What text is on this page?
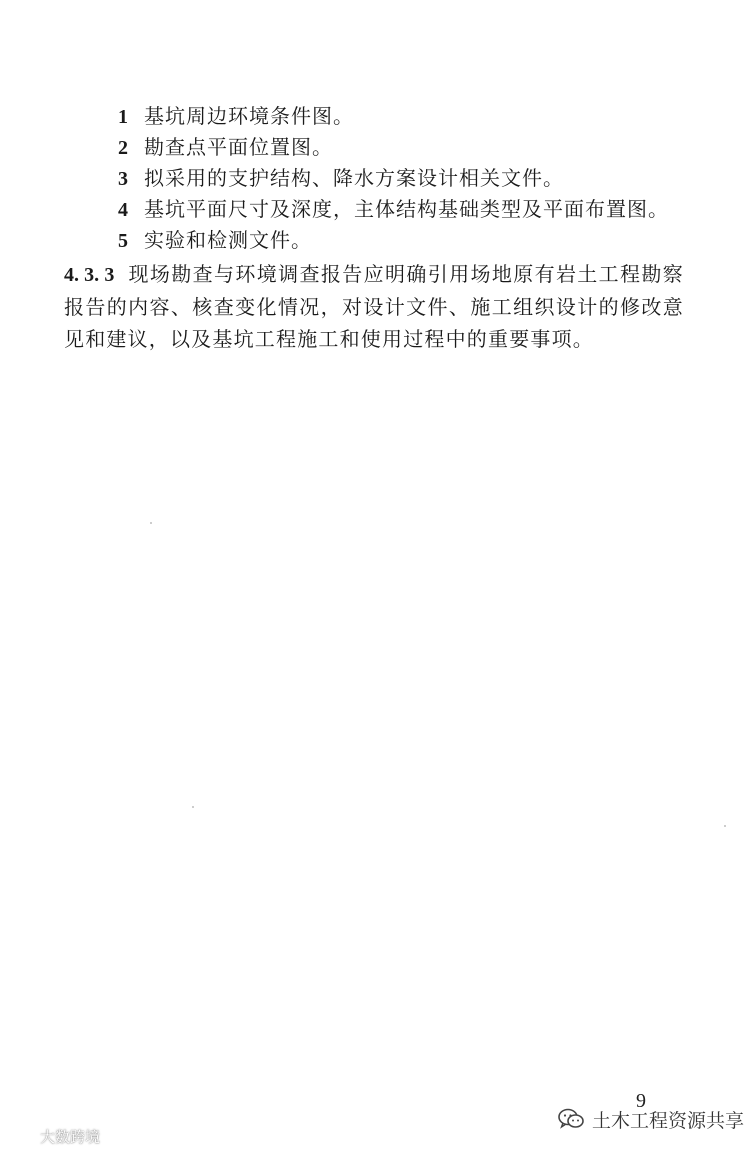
1 基坑周边环境条件图。
2 勘查点平面位置图。
3 拟采用的支护结构、降水方案设计相关文件。
4 基坑平面尺寸及深度，主体结构基础类型及平面布置图。
5 实验和检测文件。

4. 3. 3 现场勘查与环境调查报告应明确引用场地原有岩土工程勘察报告的内容、核查变化情况，对设计文件、施工组织设计的修改意见和建议，以及基坑工程施工和使用过程中的重要事项。

9
大数跨境
土木工程资源共享
